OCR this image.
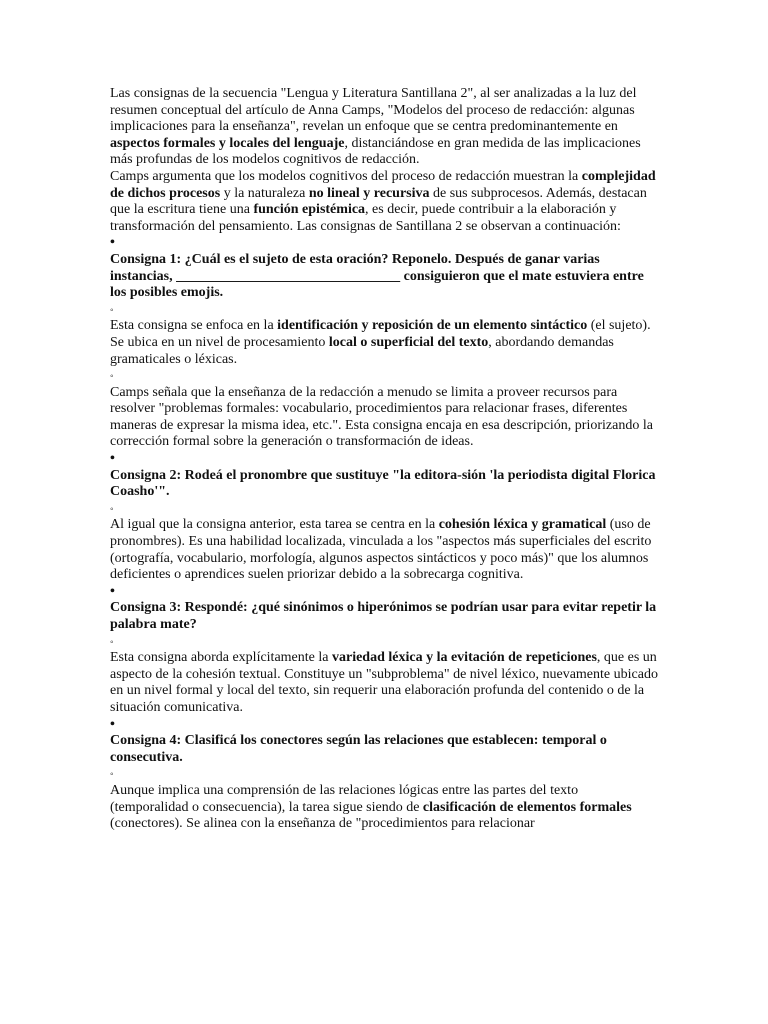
Las consignas de la secuencia "Lengua y Literatura Santillana 2", al ser analizadas a la luz del resumen conceptual del artículo de Anna Camps, "Modelos del proceso de redacción: algunas implicaciones para la enseñanza", revelan un enfoque que se centra predominantemente en aspectos formales y locales del lenguaje, distanciándose en gran medida de las implicaciones más profundas de los modelos cognitivos de redacción.

Camps argumenta que los modelos cognitivos del proceso de redacción muestran la complejidad de dichos procesos y la naturaleza no lineal y recursiva de sus subprocesos. Además, destacan que la escritura tiene una función epistémica, es decir, puede contribuir a la elaboración y transformación del pensamiento. Las consignas de Santillana 2 se observan a continuación:

•

Consigna 1: ¿Cuál es el sujeto de esta oración? Reponelo. Después de ganar varias instancias, ________________________________ consiguieron que el mate estuviera entre los posibles emojis.

◦

Esta consigna se enfoca en la identificación y reposición de un elemento sintáctico (el sujeto). Se ubica en un nivel de procesamiento local o superficial del texto, abordando demandas gramaticales o léxicas.

◦

Camps señala que la enseñanza de la redacción a menudo se limita a proveer recursos para resolver "problemas formales: vocabulario, procedimientos para relacionar frases, diferentes maneras de expresar la misma idea, etc.". Esta consigna encaja en esa descripción, priorizando la corrección formal sobre la generación o transformación de ideas.

•

Consigna 2: Rodeá el pronombre que sustituye "la editora-sión 'la periodista digital Florica Coasho'".

◦

Al igual que la consigna anterior, esta tarea se centra en la cohesión léxica y gramatical (uso de pronombres). Es una habilidad localizada, vinculada a los "aspectos más superficiales del escrito (ortografía, vocabulario, morfología, algunos aspectos sintácticos y poco más)" que los alumnos deficientes o aprendices suelen priorizar debido a la sobrecarga cognitiva.

•

Consigna 3: Respondé: ¿qué sinónimos o hiperónimos se podrían usar para evitar repetir la palabra mate?

◦

Esta consigna aborda explícitamente la variedad léxica y la evitación de repeticiones, que es un aspecto de la cohesión textual. Constituye un "subproblema" de nivel léxico, nuevamente ubicado en un nivel formal y local del texto, sin requerir una elaboración profunda del contenido o de la situación comunicativa.

•

Consigna 4: Clasificá los conectores según las relaciones que establecen: temporal o consecutiva.

◦

Aunque implica una comprensión de las relaciones lógicas entre las partes del texto (temporalidad o consecuencia), la tarea sigue siendo de clasificación de elementos formales (conectores). Se alinea con la enseñanza de "procedimientos para relacionar
